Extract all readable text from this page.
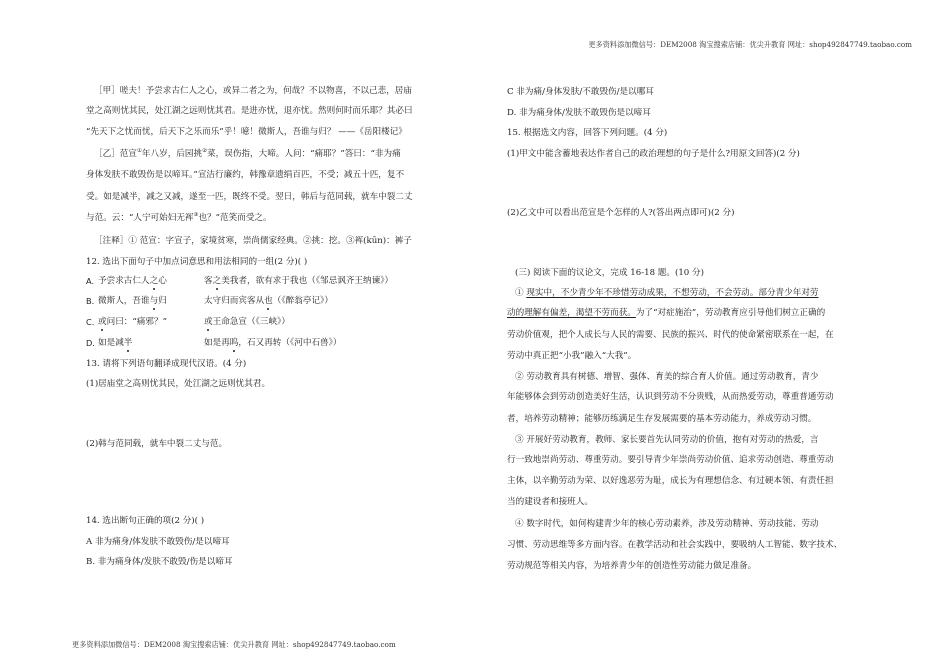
更多资料添加微信号：DEM2008 淘宝搜索店铺：优尖升教育 网址：shop492847749.taobao.com
［甲］嗟夫！予尝求古仁人之心，或异二者之为，何哉？不以物喜，不以己悲，居庙
堂之高则忧其民，处江湖之远则忧其君。是进亦忧，退亦忧。然则何时而乐耶？其必曰
“先天下之忧而忧，后天下之乐而乐”乎！噫！微斯人，吾谁与归？ ——《岳阳楼记》
［乙］范宣①年八岁，后园挑②菜，误伤指，大啼。人问：“痛耶？”答曰：“非为痛
身体发肤不敢毁伤是以啼耳。”宣洁行廉约，韩豫章遗绢百匹，不受；减五十匹，复不
受。如是减半，减之又减，遂至一匹，既终不受。翌日，韩后与范同载，就车中裂二丈
与范。云：“人宁可始妇无裈③也？”范笑而受之。
［注释］① 范宣：字宣子，家境贫寒，崇尚儒家经典。②挑：挖。③裈(kūn)：裤子
12. 选出下面句子中加点词意思和用法相同的一组(2 分)( )
A. 予尝求古仁人之心	客之美我者，欲有求于我也（《邹忌讽齐王纳谏》）
B. 微斯人，吾谁与归	太守归而宾客从也（《醉翁亭记》）
C. 或问曰：“痛邪？”	或王命急宣（《三峡》）
D. 如是减半	如是再呜，石又再转（《河中石兽》）
13. 请将下列语句翻译成现代汉语。(4 分)
(1)居庙堂之高则忧其民，处江湖之远则忧其君。
(2)韩与范同载，就车中裂二丈与范。
14. 选出断句正确的项(2 分)( )
A 非为痛身/体发肤不敢毁伤/是以啼耳
B. 非为痛身体/发肤不敢毁/伤是以啼耳
C 非为痛/身体发肤/不敢毁伤/是以哪耳
D. 非为痛身体/发肤不敢毁伤是以啼耳
15. 根据选文内容，回答下列问题。(4 分)
(1)甲文中能含蓄地表达作者自己的政治理想的句子是什么?用原文回答)(2 分)
(2)乙文中可以看出范宣是个怎样的人?(答出两点即可)(2 分)
(三) 阅读下面的议论文，完成 16-18 题。(10 分)
① 现实中，不少青少年不珍惜劳动成果，不想劳动，不会劳动。部分青少年对劳
动的理解有偏差，渴望不劳而获。为了“对症施治”，劳动教育应引导他们树立正确的
劳动价值观，把个人成长与人民的需要、民族的振兴、时代的使命紧密联系在一起，在
劳动中真正把“小我”融入“大我”。
② 劳动教育具有树德、增智、强体、育美的综合育人价值。通过劳动教育，青少
年能够体会到劳动创造美好生活，认识到劳动不分贵贱，从而热爱劳动，尊重普通劳动
者，培养劳动精神；能够历练满足生存发展需要的基本劳动能力，养成劳动习惯。
③ 开展好劳动教育，教师、家长要首先认同劳动的价值，抱有对劳动的热爱，言
行一致地崇尚劳动、尊重劳动。要引导青少年崇尚劳动价值、追求劳动创造、尊重劳动
主体，以辛勤劳动为荣、以好逸恶劳为耻，成长为有理想信念、有过硬本领、有责任担
当的建设者和接班人。
④ 数字时代，如何构建青少年的核心劳动素养，涉及劳动精神、劳动技能、劳动
习惯、劳动思维等多方面内容。在教学活动和社会实践中，要吸纳人工智能、数字技术、
劳动规范等相关内容，为培养青少年的创造性劳动能力做足准备。
更多资料添加微信号：DEM2008 淘宝搜索店铺：优尖升教育 网址：shop492847749.taobao.com
